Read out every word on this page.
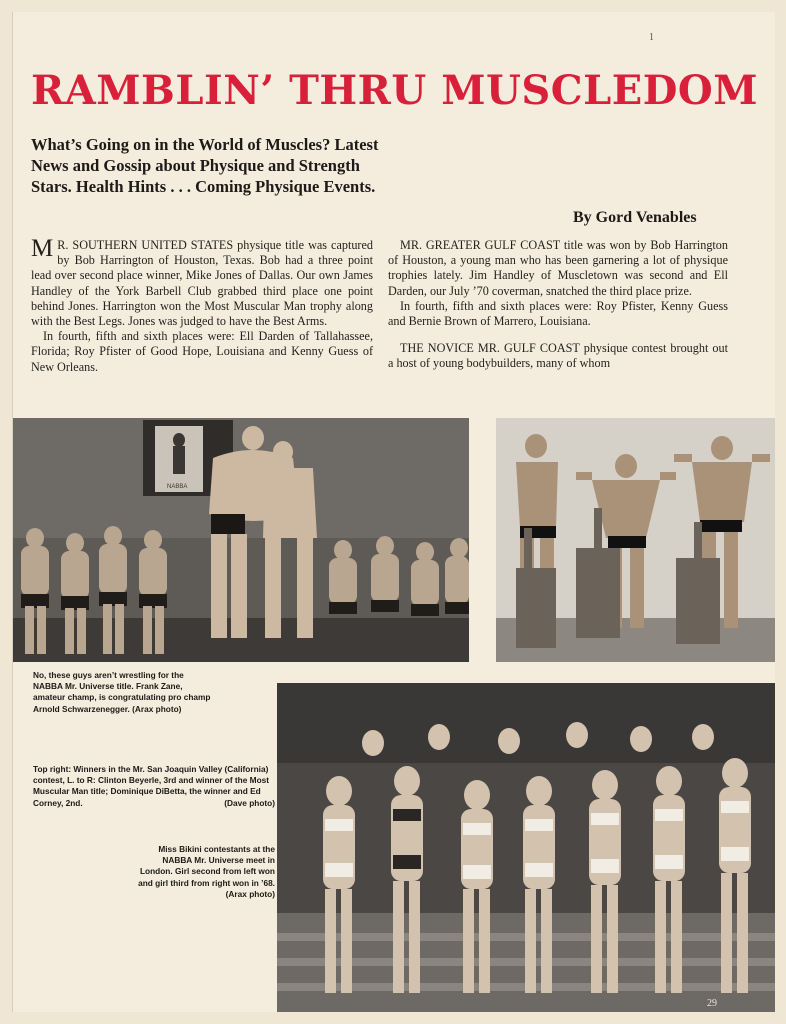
1
RAMBLIN’ THRU MUSCLEDOM
What’s Going on in the World of Muscles? Latest News and Gossip about Physique and Strength Stars. Health Hints . . . Coming Physique Events.
By Gord Venables

M R. SOUTHERN UNITED STATES physique title was captured by Bob Harrington of Houston, Texas. Bob had a three point lead over second place winner, Mike Jones of Dallas. Our own James Handley of the York Barbell Club grabbed third place one point behind Jones. Harrington won the Most Muscular Man trophy along with the Best Legs. Jones was judged to have the Best Arms.

In fourth, fifth and sixth places were: Ell Darden of Tallahassee, Florida; Roy Pfister of Good Hope, Louisiana and Kenny Guess of New Orleans.

MR. GREATER GULF COAST title was won by Bob Harrington of Houston, a young man who has been garnering a lot of physique trophies lately. Jim Handley of Muscletown was second and Ell Darden, our July ’70 coverman, snatched the third place prize.

In fourth, fifth and sixth places were: Roy Pfister, Kenny Guess and Bernie Brown of Marrero, Louisiana.

THE NOVICE MR. GULF COAST physique contest brought out a host of young bodybuilders, many of whom

NABBA
No, these guys aren’t wrestling for the NABBA Mr. Universe title. Frank Zane, amateur champ, is congratulating pro champ Arnold Schwarzenegger. (Arax photo)
Top right: Winners in the Mr. San Joaquin Valley (California) contest, L. to R: Clinton Beyerle, 3rd and winner of the Most Muscular Man title; Dominique DiBetta, the winner and Ed Corney, 2nd.	(Dave photo)
Miss Bikini contestants at the NABBA Mr. Universe meet in London. Girl second from left won and girl third from right won in ’68. (Arax photo)
29
